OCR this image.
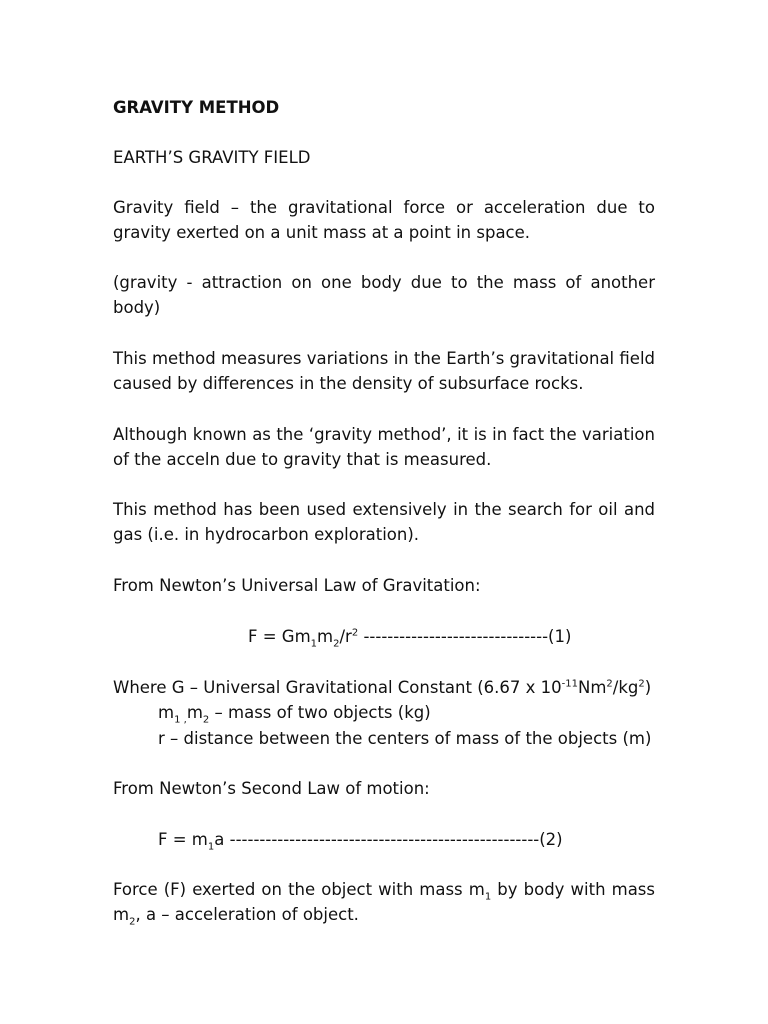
GRAVITY METHOD

EARTH’S GRAVITY FIELD

Gravity field – the gravitational force or acceleration due to
gravity exerted on a unit mass at a point in space.

(gravity - attraction on one body due to the mass of another
body)

This method measures variations in the Earth’s gravitational field
caused by differences in the density of subsurface rocks.

Although known as the ‘gravity method’, it is in fact the variation
of the acceln due to gravity that is measured.

This method has been used extensively in the search for oil and
gas (i.e. in hydrocarbon exploration).

From Newton’s Universal Law of Gravitation:

$F = Gm_1m_2/r^2$ -------------------------------(1)

Where G – Universal Gravitational Constant (6.67 x $10^{-11}Nm^2/kg^2$)

$m_1$ $_,m_2$ – mass of two objects (kg)

r – distance between the centers of mass of the objects (m)

From Newton’s Second Law of motion:

$F = m_1a$ ----------------------------------------------------(2)

Force (F) exerted on the object with mass $m_1$ by body with mass
$m_2$, a – acceleration of object.
